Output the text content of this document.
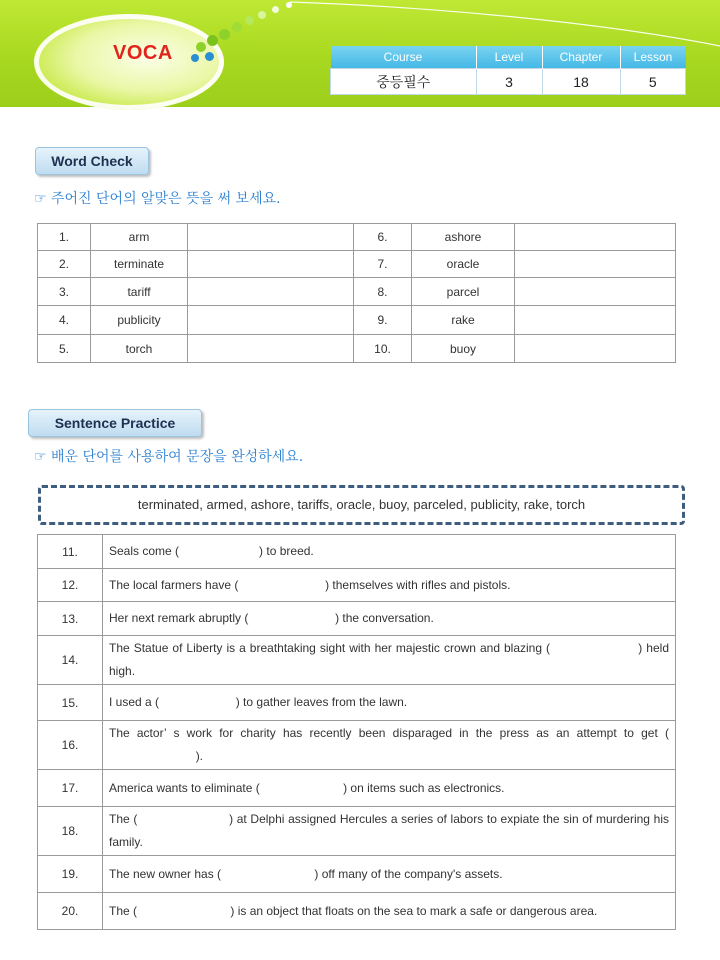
VOCA	Course	Level	Chapter	Lesson
중등필수	3	18	5
Word Check
☞ 주어진 단어의 알맞은 뜻을 써 보세요.
1.	arm		6.	ashore	
2.	terminate		7.	oracle	
3.	tariff		8.	parcel	
4.	publicity		9.	rake	
5.	torch		10.	buoy	
Sentence Practice
☞ 배운 단어를 사용하여 문장을 완성하세요.
terminated, armed, ashore, tariffs, oracle, buoy, parceled, publicity, rake, torch
11.	Seals come ( ) to breed.
12.	The local farmers have ( ) themselves with rifles and pistols.
13.	Her next remark abruptly ( ) the conversation.
14.	The Statue of Liberty is a breathtaking sight with her majestic crown and blazing ( ) held high.
15.	I used a ( ) to gather leaves from the lawn.
16.	The actor’ s work for charity has recently been disparaged in the press as an attempt to get (                          ).
17.	America wants to eliminate ( ) on items such as electronics.
18.	The ( ) at Delphi assigned Hercules a series of labors to expiate the sin of murdering his family.
19.	The new owner has ( ) off many of the company's assets.
20.	The ( ) is an object that floats on the sea to mark a safe or dangerous area.
